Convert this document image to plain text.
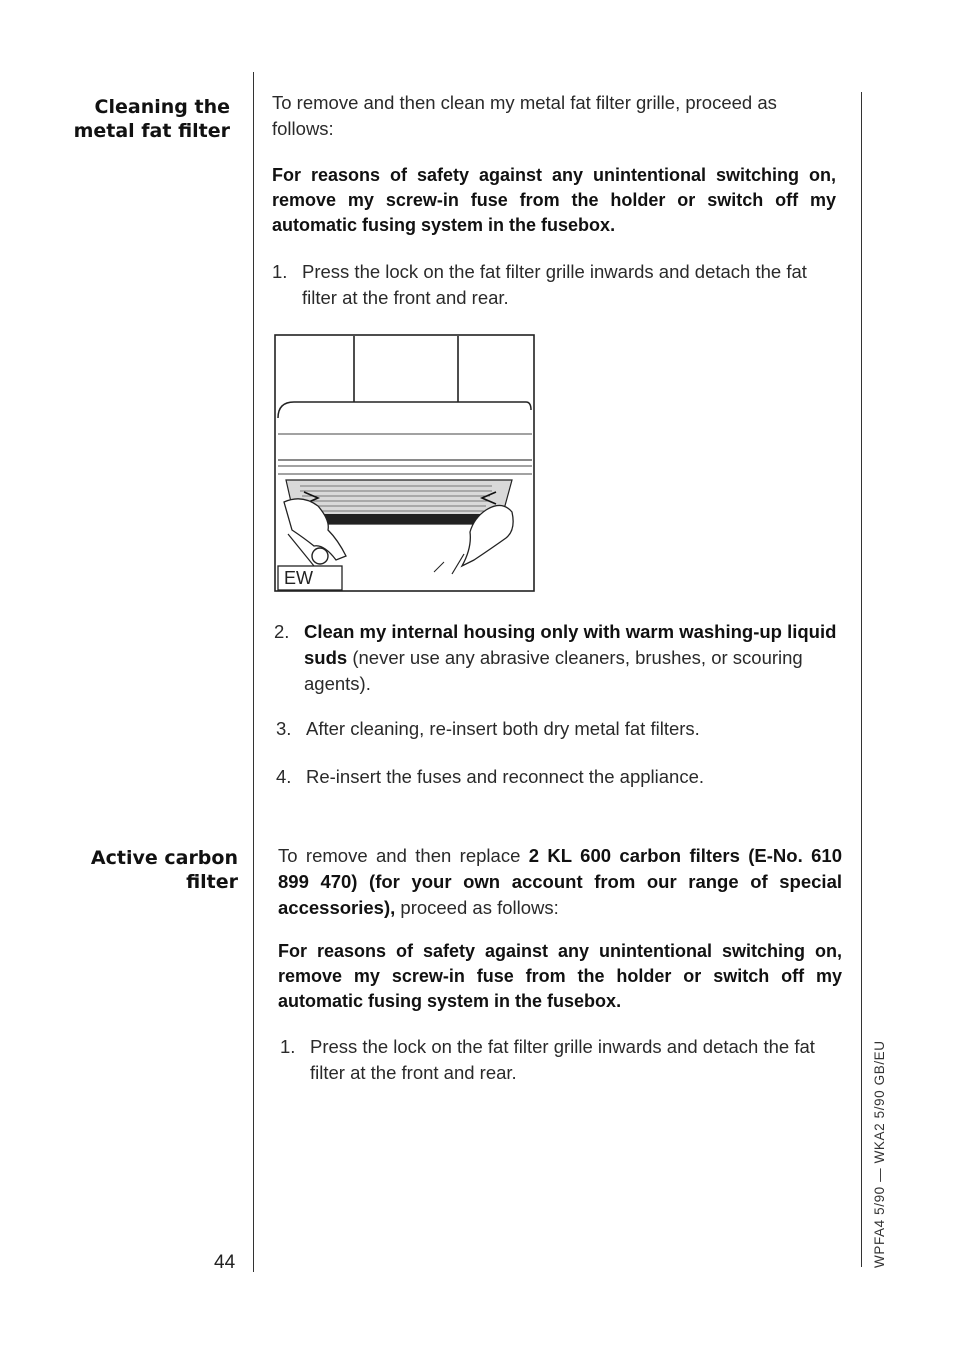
Cleaning the
metal fat filter
To remove and then clean my metal fat filter grille, proceed as follows:
For reasons of safety against any unintentional switching on, remove my screw-in fuse from the holder or switch off my automatic fusing system in the fusebox.
1. Press the lock on the fat filter grille inwards and detach the fat filter at the front and rear.
EW
2. Clean my internal housing only with warm washing-up liquid suds (never use any abrasive cleaners, brushes, or scouring agents).
3. After cleaning, re-insert both dry metal fat filters.
4. Re-insert the fuses and reconnect the appliance.
Active carbon
filter
To remove and then replace 2 KL 600 carbon filters (E-No. 610 899 470) (for your own account from our range of special accessories), proceed as follows:
For reasons of safety against any unintentional switching on, remove my screw-in fuse from the holder or switch off my automatic fusing system in the fusebox.
1. Press the lock on the fat filter grille inwards and detach the fat filter at the front and rear.
44	WPFA4 5/90 — WKA2 5/90 GB/EU
